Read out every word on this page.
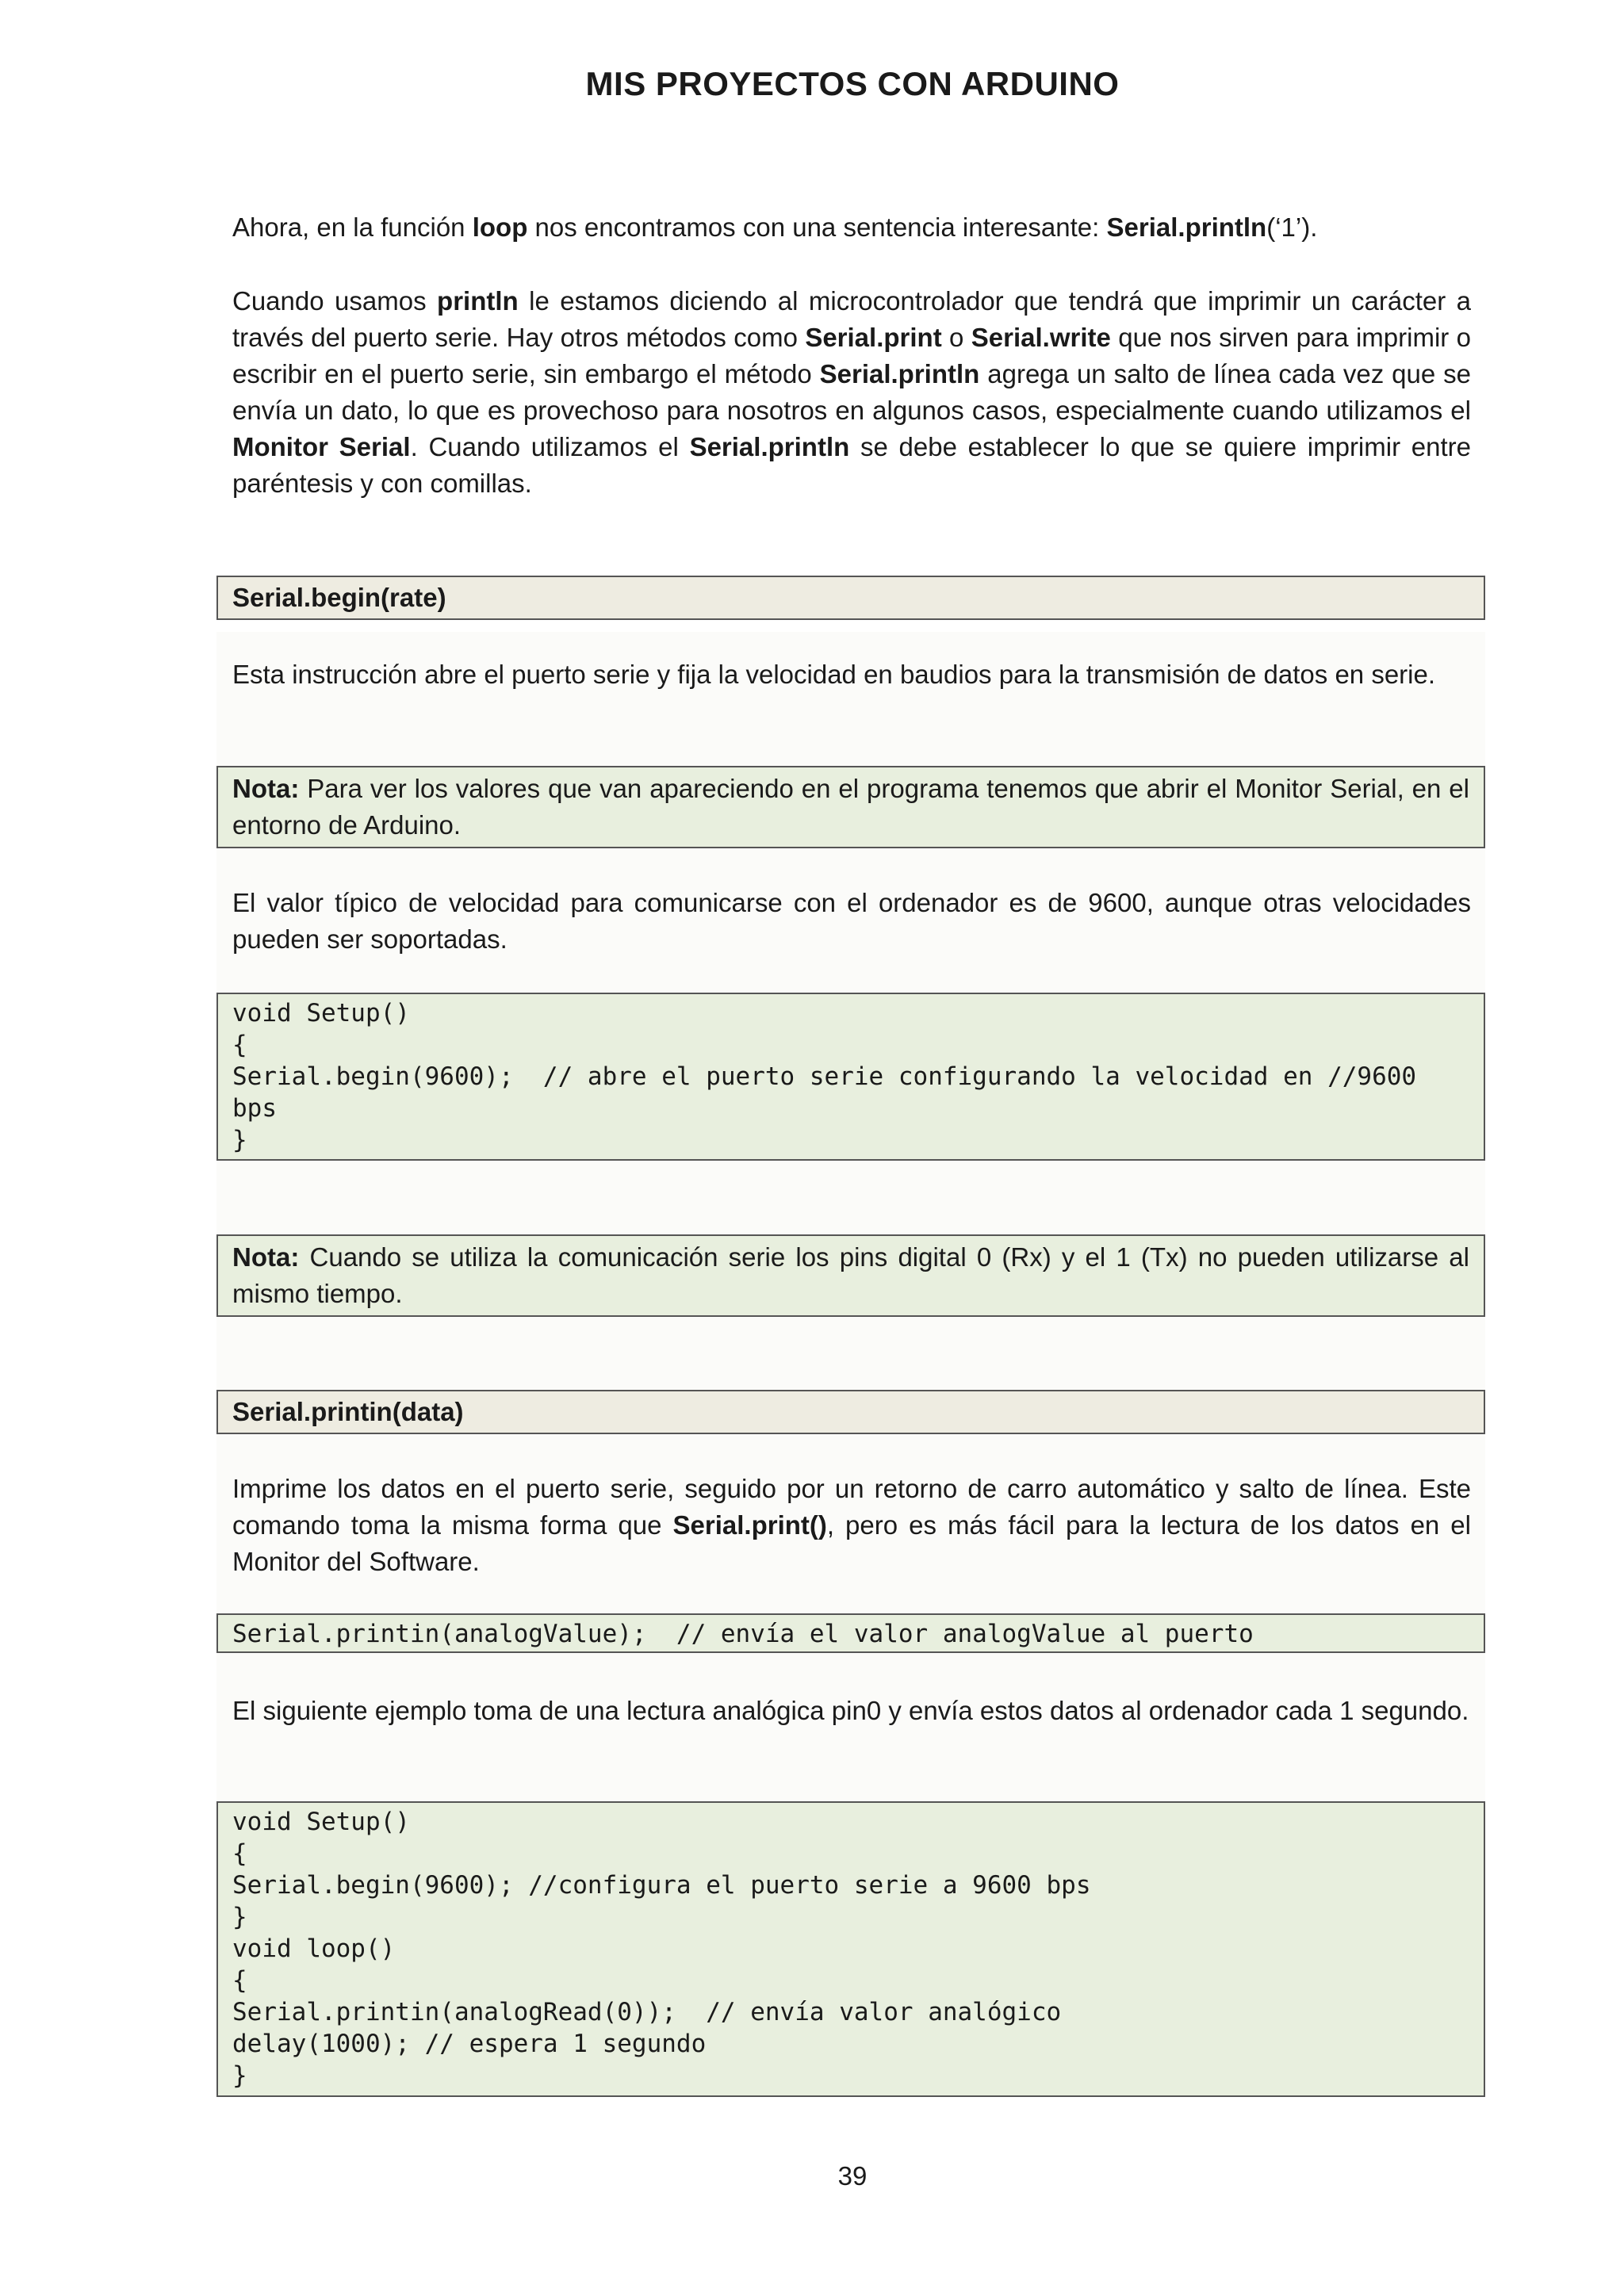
MIS PROYECTOS CON ARDUINO
Ahora, en la función loop nos encontramos con una sentencia interesante: Serial.println(‘1’).
Cuando usamos println le estamos diciendo al microcontrolador que tendrá que imprimir un carácter a través del puerto serie. Hay otros métodos como Serial.print o Serial.write que nos sirven para imprimir o escribir en el puerto serie, sin embargo el método Serial.println agrega un salto de línea cada vez que se envía un dato, lo que es provechoso para nosotros en algunos casos, especialmente cuando utilizamos el Monitor Serial. Cuando utilizamos el Serial.println se debe establecer lo que se quiere imprimir entre paréntesis y con comillas.
Serial.begin(rate)
Esta instrucción abre el puerto serie y fija la velocidad en baudios para la transmisión de datos en serie.
Nota: Para ver los valores que van apareciendo en el programa tenemos que abrir el Monitor Serial, en el entorno de Arduino.
El valor típico de velocidad para comunicarse con el ordenador es de 9600, aunque otras velocidades pueden ser soportadas.
void Setup()
{
Serial.begin(9600);  // abre el puerto serie configurando la velocidad en //9600
bps
}
Nota: Cuando se utiliza la comunicación serie los pins digital 0 (Rx) y el 1 (Tx) no pueden utilizarse al mismo tiempo.
Serial.printin(data)
Imprime los datos en el puerto serie, seguido por un retorno de carro automático y salto de línea. Este comando toma la misma forma que Serial.print(), pero es más fácil para la lectura de los datos en el Monitor del Software.
Serial.printin(analogValue);  // envía el valor analogValue al puerto
El siguiente ejemplo toma de una lectura analógica pin0 y envía estos datos al ordenador cada 1 segundo.
void Setup()
{
Serial.begin(9600); //configura el puerto serie a 9600 bps
}
void loop()
{
Serial.printin(analogRead(0));  // envía valor analógico
delay(1000); // espera 1 segundo
}
39
